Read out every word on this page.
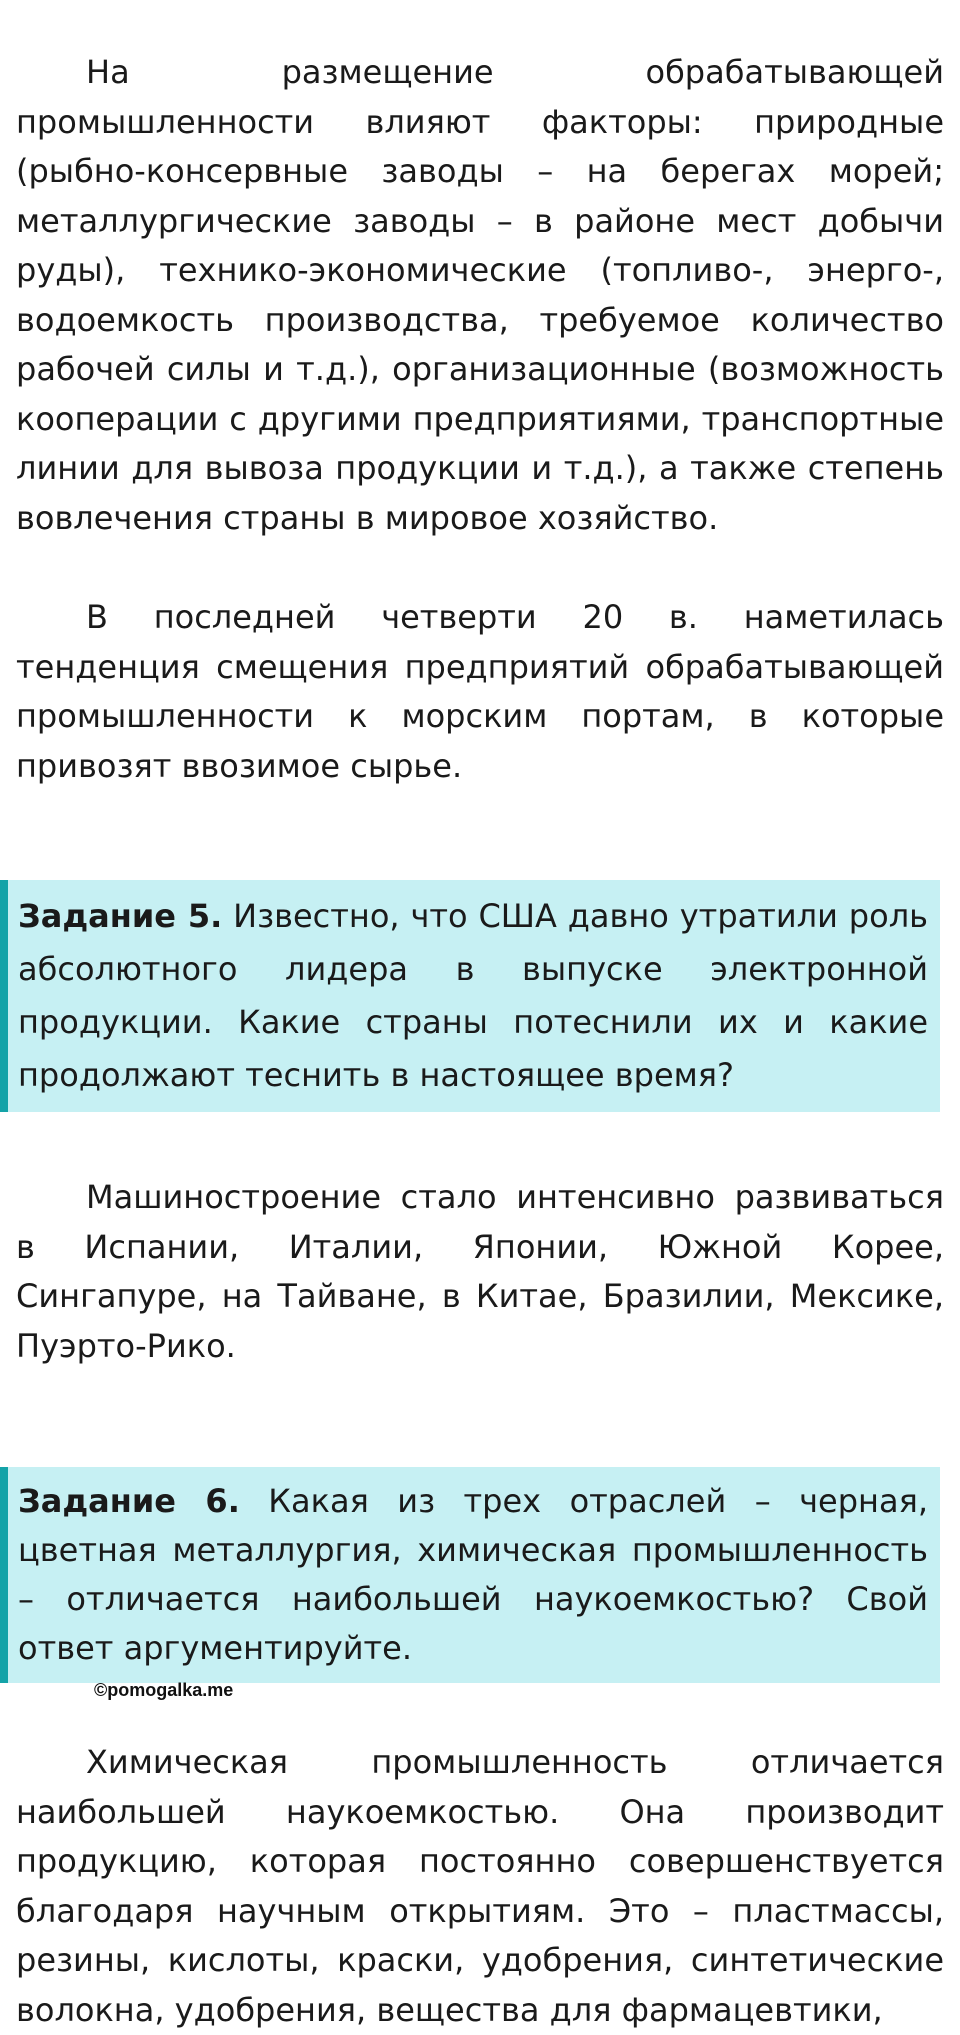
На размещение обрабатывающей промышленности влияют факторы: природные (рыбно-консервные заводы – на берегах морей; металлургические заводы – в районе мест добычи руды), технико-экономические (топливо-, энерго-, водоемкость производства, требуемое количество рабочей силы и т.д.), организационные (возможность кооперации с другими предприятиями, транспортные линии для вывоза продукции и т.д.), а также степень вовлечения страны в мировое хозяйство.

В последней четверти 20 в. наметилась тенденция смещения предприятий обрабатывающей промышленности к морским портам, в которые привозят ввозимое сырье.

Задание 5. Известно, что США давно утратили роль абсолютного лидера в выпуске электронной продукции. Какие страны потеснили их и какие продолжают теснить в настоящее время?

Машиностроение стало интенсивно развиваться в Испании, Италии, Японии, Южной Корее, Сингапуре, на Тайване, в Китае, Бразилии, Мексике, Пуэрто-Рико.

Задание 6. Какая из трех отраслей – черная, цветная металлургия, химическая промышленность – отличается наибольшей наукоемкостью? Свой ответ аргументируйте.

©pomogalka.me

Химическая промышленность отличается наибольшей наукоемкостью. Она производит продукцию, которая постоянно совершенствуется благодаря научным открытиям. Это – пластмассы, резины, кислоты, краски, удобрения, синтетические волокна, удобрения, вещества для фармацевтики,
